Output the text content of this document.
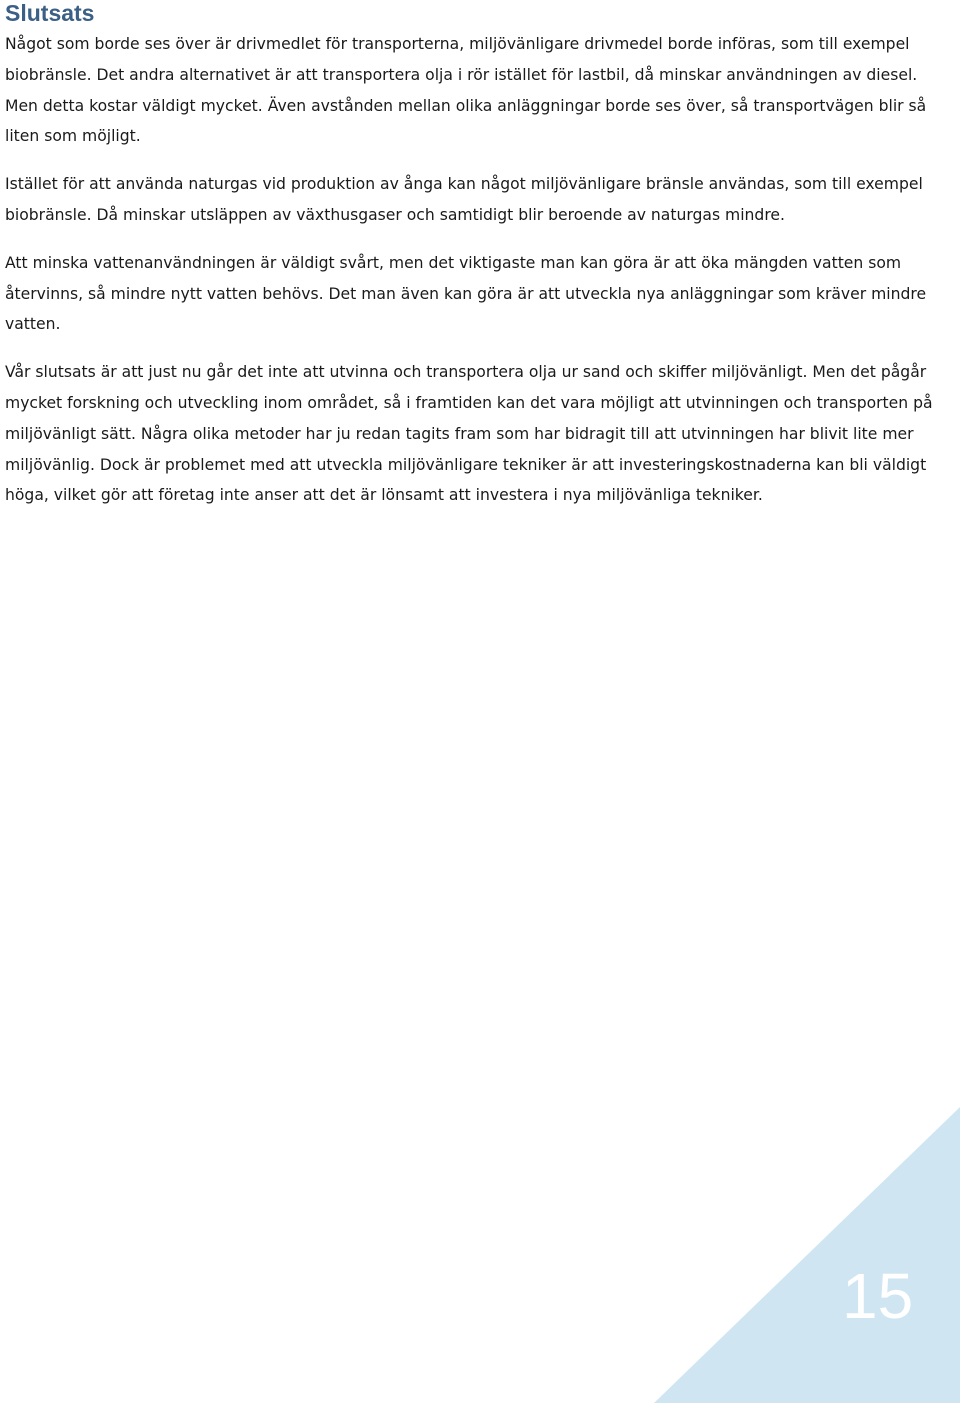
Slutsats

Något som borde ses över är drivmedlet för transporterna, miljövänligare drivmedel borde införas, som till exempel biobränsle. Det andra alternativet är att transportera olja i rör istället för lastbil, då minskar användningen av diesel. Men detta kostar väldigt mycket. Även avstånden mellan olika anläggningar borde ses över, så transportvägen blir så liten som möjligt.

Istället för att använda naturgas vid produktion av ånga kan något miljövänligare bränsle användas, som till exempel biobränsle. Då minskar utsläppen av växthusgaser och samtidigt blir beroende av naturgas mindre.

Att minska vattenanvändningen är väldigt svårt, men det viktigaste man kan göra är att öka mängden vatten som återvinns, så mindre nytt vatten behövs. Det man även kan göra är att utveckla nya anläggningar som kräver mindre vatten.

Vår slutsats är att just nu går det inte att utvinna och transportera olja ur sand och skiffer miljövänligt. Men det pågår mycket forskning och utveckling inom området, så i framtiden kan det vara möjligt att utvinningen och transporten på miljövänligt sätt. Några olika metoder har ju redan tagits fram som har bidragit till att utvinningen har blivit lite mer miljövänlig. Dock är problemet med att utveckla miljövänligare tekniker är att investeringskostnaderna kan bli väldigt höga, vilket gör att företag inte anser att det är lönsamt att investera i nya miljövänliga tekniker.

15
